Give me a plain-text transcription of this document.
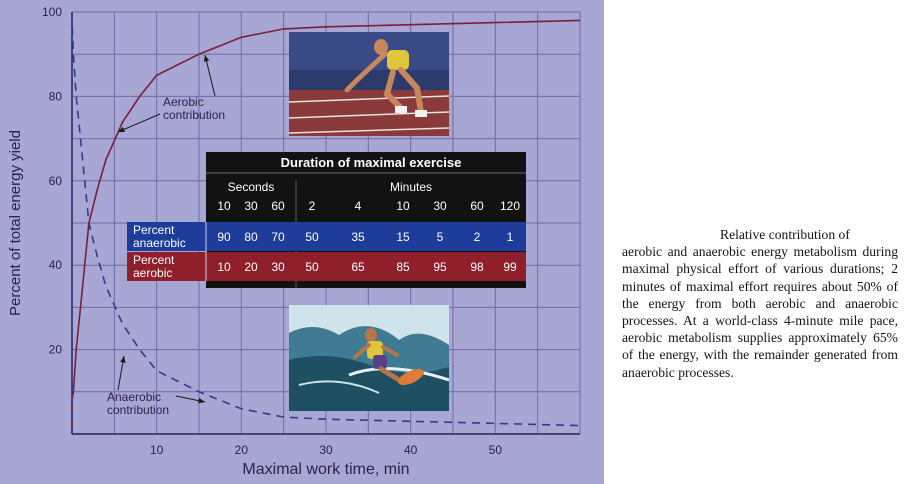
10	20	30	40	50
20
40
60
80
100
Maximal work time, min
Percent of total energy yield
Aerobic
contribution
Anaerobic
contribution
Duration of maximal exercise
Seconds	Minutes
10 30 60 2	4	10 30 60 120
Percent
anaerobic	90 80 70 50	35	15 5	2 1
Percent
aerobic	10 20 30 50	65	85 95 98 99
Relative contribution of
aerobic and anaerobic energy metabolism during maximal physical effort of various durations; 2 minutes of maximal effort requires about 50% of the energy from both aerobic and anaerobic processes. At a world-class 4-minute mile pace, aerobic metabolism supplies approximately 65% of the energy, with the remainder generated from anaerobic processes.
